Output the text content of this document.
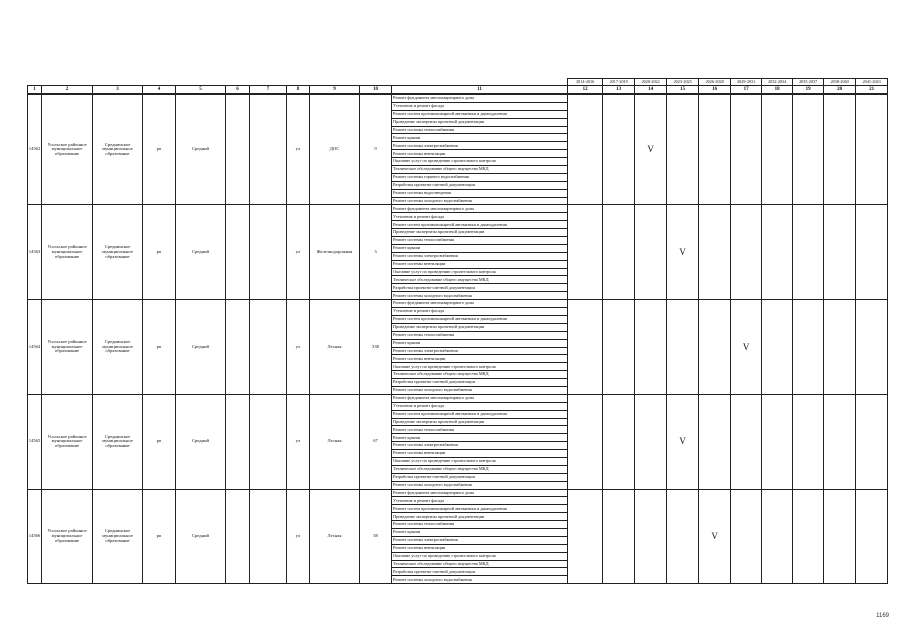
											2014-2016	2017-2019	2020-2022	2023-2025	2026-2028	2029-2031	2032-2034	2035-2037	2038-2040	2041-2043
1	2	3	4	5	6	7	8	9	10	11	12	13	14	15	16	17	18	19	20	21
14562	Усольское районное муниципальное образование	Среднинское муниципальное образование	рп	Средний			ул	ДОС	9	Ремонт фундамента многоквартирного дома			V							
										Утепление и ремонт фасада										
										Ремонт систем противопожарной автоматики и дымоудаления										
										Проведение экспертизы проектной документации										
										Ремонт системы теплоснабжения										
										Ремонт крыши										
										Ремонт системы электроснабжения										
										Ремонт системы вентиляции										
										Оказание услуг по проведению строительного контроля										
										Техническое обследование общего имущества МКД										
										Ремонт системы горячего водоснабжения										
										Разработка проектно-сметной документации										
										Ремонт системы водоотведения										
										Ремонт системы холодного водоснабжения										
14563	Усольское районное муниципальное образование	Среднинское муниципальное образование	рп	Средний			ул	Железнодорожная	3	Ремонт фундамента многоквартирного дома				V						
										Утепление и ремонт фасада										
										Ремонт систем противопожарной автоматики и дымоудаления										
										Проведение экспертизы проектной документации										
										Ремонт системы теплоснабжения										
										Ремонт крыши										
										Ремонт системы электроснабжения										
										Ремонт системы вентиляции										
										Оказание услуг по проведению строительного контроля										
										Техническое обследование общего имущества МКД										
										Разработка проектно-сметной документации										
										Ремонт системы холодного водоснабжения										
14564	Усольское районное муниципальное образование	Среднинское муниципальное образование	рп	Средний			ул	Лесная	338	Ремонт фундамента многоквартирного дома						V				
										Утепление и ремонт фасада										
										Ремонт систем противопожарной автоматики и дымоудаления										
										Проведение экспертизы проектной документации										
										Ремонт системы теплоснабжения										
										Ремонт крыши										
										Ремонт системы электроснабжения										
										Ремонт системы вентиляции										
										Оказание услуг по проведению строительного контроля										
										Техническое обследование общего имущества МКД										
										Разработка проектно-сметной документации										
										Ремонт системы холодного водоснабжения										
14565	Усольское районное муниципальное образование	Среднинское муниципальное образование	рп	Средний			ул	Лесная	67	Ремонт фундамента многоквартирного дома				V						
										Утепление и ремонт фасада										
										Ремонт систем противопожарной автоматики и дымоудаления										
										Проведение экспертизы проектной документации										
										Ремонт системы теплоснабжения										
										Ремонт крыши										
										Ремонт системы электроснабжения										
										Ремонт системы вентиляции										
										Оказание услуг по проведению строительного контроля										
										Техническое обследование общего имущества МКД										
										Разработка проектно-сметной документации										
										Ремонт системы холодного водоснабжения										
14566	Усольское районное муниципальное образование	Среднинское муниципальное образование	рп	Средний			ул	Лесная	58	Ремонт фундамента многоквартирного дома					V					
										Утепление и ремонт фасада										
										Ремонт систем противопожарной автоматики и дымоудаления										
										Проведение экспертизы проектной документации										
										Ремонт системы теплоснабжения										
										Ремонт крыши										
										Ремонт системы электроснабжения										
										Ремонт системы вентиляции										
										Оказание услуг по проведению строительного контроля										
										Техническое обследование общего имущества МКД										
										Разработка проектно-сметной документации										
										Ремонт системы холодного водоснабжения										
1169
